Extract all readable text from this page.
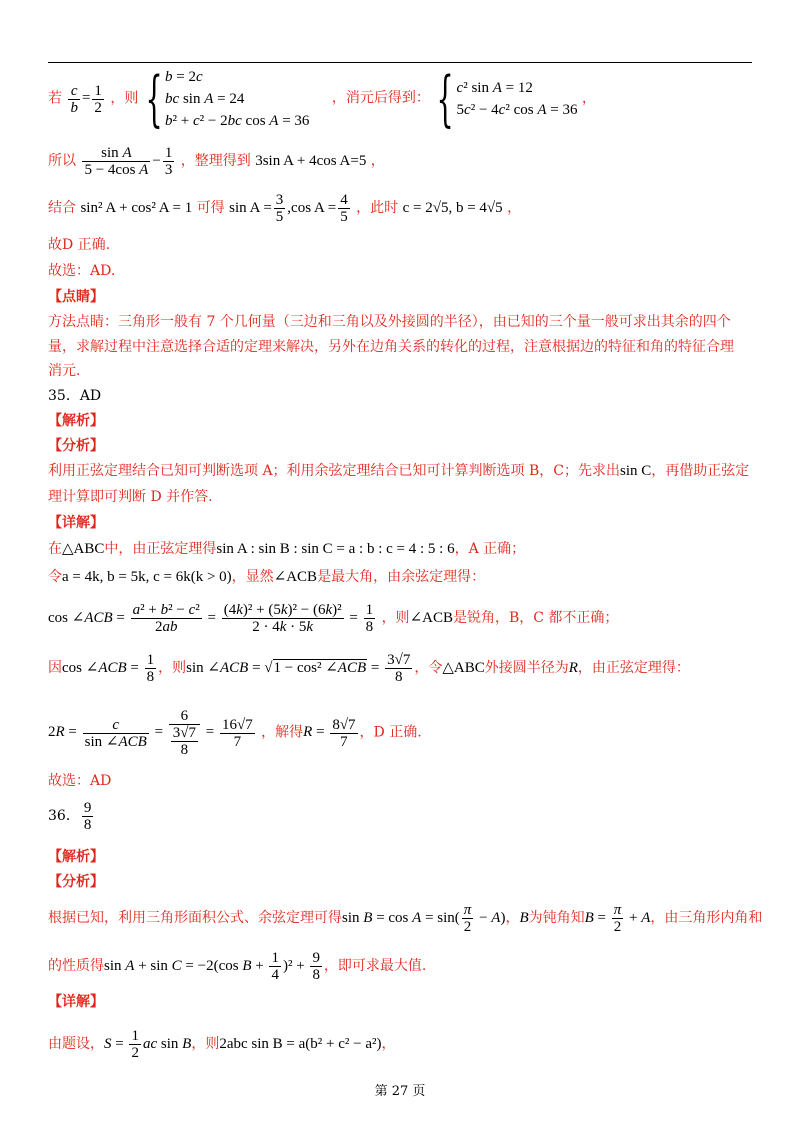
若 $\frac{c}{b} = \frac{1}{2}$ ，则 { b = 2c
bc sin A = 24
b² + c² − 2bc cos A = 36 ，消元后得到： { c² sin A = 12
5c² − 4c² cos A = 36 ，
所以 $\frac{\text{sin A}}{\text{5 − 4cos A}} - \frac{1}{3}$ ，整理得到 3sin A + 4cos A=5 ，
结合 sin² A + cos² A = 1 可得 $\sin A = \frac{3}{5} ,\cos$ $A = \frac{4}{5}$ ，此时 c = 2√5, b = 4√5 ，
故D 正确.
故选：AD.
【点睛】
方法点睛：三角形一般有 7 个几何量（三边和三角以及外接圆的半径），由已知的三个量一般可求出其余的四个
量，求解过程中注意选择合适的定理来解决，另外在边角关系的转化的过程，注意根据边的特征和角的特征合理
消元.
35．AD
【解析】
【分析】
利用正弦定理结合已知可判断选项 A；利用余弦定理结合已知可计算判断选项 B，C；先求出sin C，再借助正弦定
理计算即可判断 D 并作答.
【详解】
在△ABC中，由正弦定理得sin A : sin B : sin C = a : b : c = 4 : 5 : 6，A 正确；
令a = 4k, b = 5k, c = 6k(k > 0)，显然∠ACB是最大角，由余弦定理得：
cos ∠ACB = $\frac{\text{a² + b² − c²}}{2ab} = \frac{\text{(4k)² + (5k)² − (6k)²}}{2 \cdot 4k \cdot 5k} = \frac{1}{8}$ ，则∠ACB是锐角，B，C 都不正确；
因cos ∠ACB = $\frac{1}{8}$ ，则sin ∠ACB = √1 − cos² ∠ACB = $\frac{3√7}{8}$ ，令△ABC外接圆半径为R，由正弦定理得：
$2R = \frac{c}{\text{sin ∠ACB}} = \frac{6}{\frac{3√7}{8}} = \frac{16√7}{7}$ ，解得$R = \frac{8√7}{7}$ ，D 正确.
故选：AD
36． $\frac{9}{8}$
【解析】
【分析】
根据已知，利用三角形面积公式、余弦定理可得$\sin B = \cos A = \sin( \frac{\pi}{2} - A)$，B为钝角知$B = \frac{\pi}{2} + A$，由三角形内角和
的性质得sin A + sin C = −2(cos $B + \frac{1}{4} )^2 + \frac{9}{8}$ ，即可求最大值.
【详解】
由题设，$S = \frac{1}{2}$ ac sin B，则2abc sin B = a(b² + c² − a²)，
第 27 页
